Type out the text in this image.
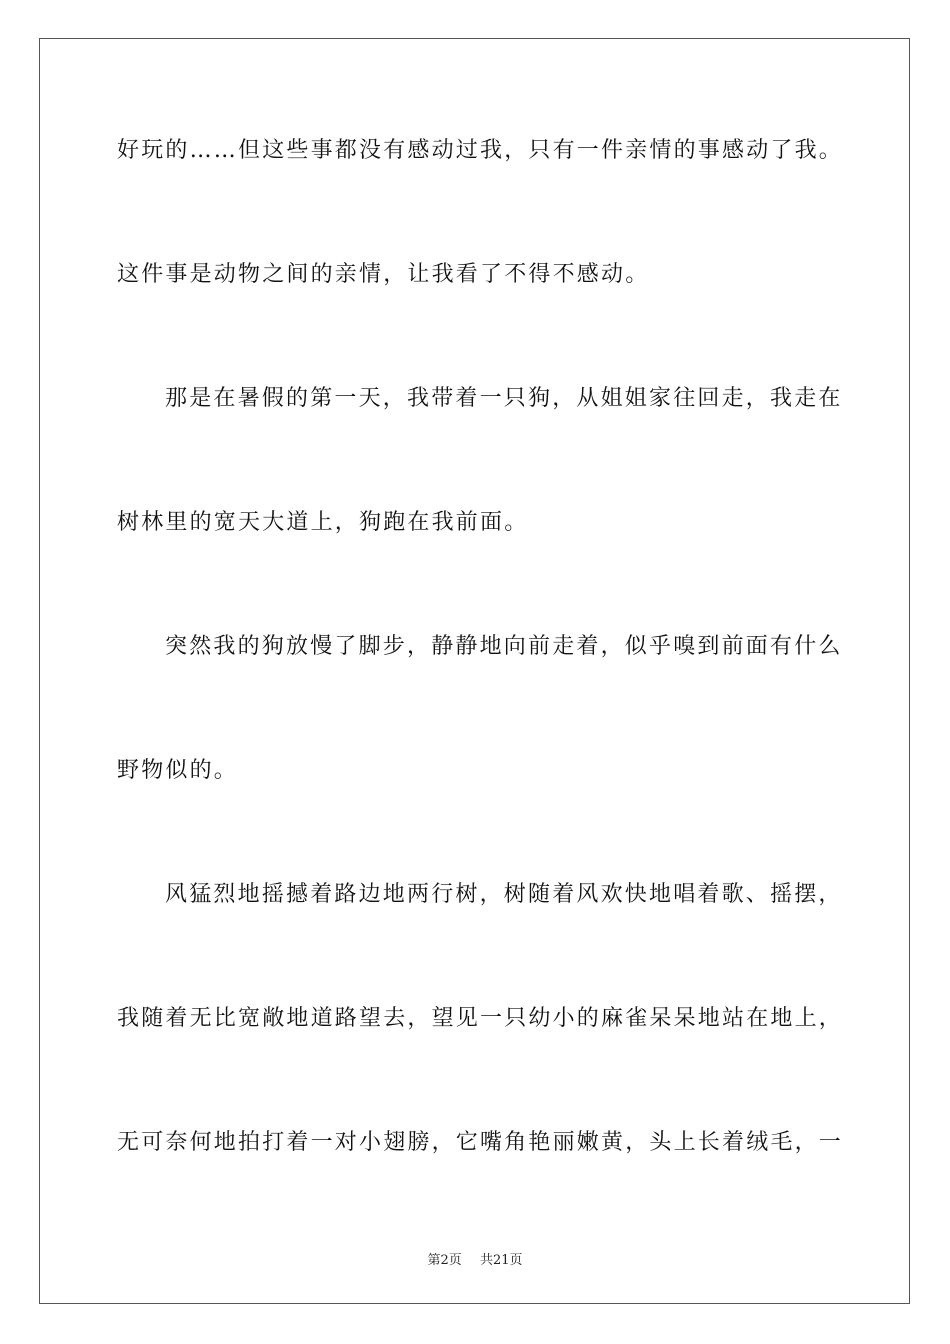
好玩的……但这些事都没有感动过我，只有一件亲情的事感动了我。
这件事是动物之间的亲情，让我看了不得不感动。
那是在暑假的第一天，我带着一只狗，从姐姐家往回走，我走在
树林里的宽天大道上，狗跑在我前面。
突然我的狗放慢了脚步，静静地向前走着，似乎嗅到前面有什么
野物似的。
风猛烈地摇撼着路边地两行树，树随着风欢快地唱着歌、摇摆，
我随着无比宽敞地道路望去，望见一只幼小的麻雀呆呆地站在地上，
无可奈何地拍打着一对小翅膀，它嘴角艳丽嫩黄，头上长着绒毛，一
第2页 共21页
